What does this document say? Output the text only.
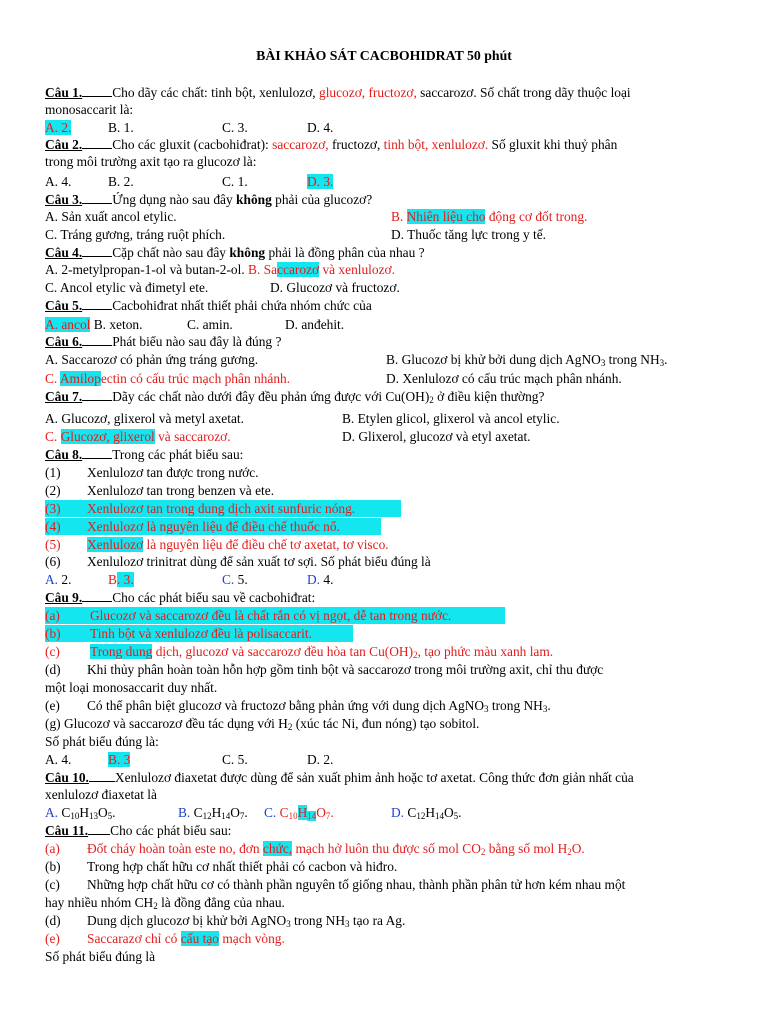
BÀI KHẢO SÁT CACBOHIDRAT 50 phút
Câu 1. Cho dãy các chất: tinh bột, xenlulozơ, glucozơ, fructozơ, saccarozơ. Số chất trong dãy thuộc loại
monosaccarit là:
A. 2.	B. 1.	C. 3.	D. 4.
Câu 2. Cho các gluxit (cacbohiđrat): saccarozơ, fructozơ, tinh bột, xenlulozơ. Số gluxit khi thuỷ phân
trong môi trường axit tạo ra glucozơ là:
A. 4.	B. 2.	C. 1.	D. 3.
Câu 3. Ứng dụng nào sau đây không phải của glucozơ?
A. Sản xuất ancol etylic.	B. Nhiên liệu cho động cơ đốt trong.
C. Tráng gương, tráng ruột phích.	D. Thuốc tăng lực trong y tế.
Câu 4. Cặp chất nào sau đây không phải là đồng phân của nhau ?
A. 2-metylpropan-1-ol và butan-2-ol. B. Saccarozơ và xenlulozơ.
C. Ancol etylic và đimetyl ete.	D. Glucozơ và fructozơ.
Câu 5. Cacbohiđrat nhất thiết phải chứa nhóm chức của
A. ancol B. xeton.	C. amin.	D. anđehit.
Câu 6. Phát biểu nào sau đây là đúng ?
A. Saccarozơ có phản ứng tráng gương.	B. Glucozơ bị khử bởi dung dịch AgNO$_3$ trong $NH_3$.
C. Amilopectin có cấu trúc mạch phân nhánh.	D. Xenlulozơ có cấu trúc mạch phân nhánh.
Câu 7. Dãy các chất nào dưới đây đều phản ứng được với $Cu(OH)_2$ ở điều kiện thường?
A. Glucozơ, glixerol và metyl axetat.	B. Etylen glicol, glixerol và ancol etylic.
C. Glucozơ, glixerol và saccarozơ.	D. Glixerol, glucozơ và etyl axetat.
Câu 8. Trong các phát biểu sau:
(1) Xenlulozơ tan được trong nước.
(2) Xenlulozơ tan trong benzen và ete.
(3) Xenlulozơ tan trong dung dịch axit sunfuric nóng.
(4) Xenlulozơ là nguyên liệu để điều chế thuốc nổ.
(5) Xenlulozơ là nguyên liệu để điều chế tơ axetat, tơ visco.
(6) Xenlulozơ trinitrat dùng để sản xuất tơ sợi. Số phát biểu đúng là
A. 2.	B. 3.	C. 5.	D. 4.
Câu 9. Cho các phát biểu sau về cacbohiđrat:
(a) Glucozơ và saccarozơ đều là chất rắn có vị ngọt, dễ tan trong nước.
(b) Tinh bột và xenlulozơ đều là polisaccarit.
(c) Trong dung dịch, glucozơ và saccarozơ đều hòa $\tan Cu(OH)_2$, tạo phức màu xanh lam.
(d) Khi thủy phân hoàn toàn hỗn hợp gồm tinh bột và saccarozơ trong môi trường axit, chỉ thu được
một loại monosaccarit duy nhất.
(e) Có thể phân biệt glucozơ và fructozơ bằng phản ứng với dung dịch AgNO$_3$ trong $NH_3$.
(g) Glucozơ và saccarozơ đều tác dụng với $H_2$ (xúc tác Ni, đun nóng) tạo sobitol.
Số phát biểu đúng là:
A. 4.	B. 3	C. 5.	D. 2.
Câu 10. Xenlulozơ điaxetat được dùng để sản xuất phim ảnh hoặc tơ axetat. Công thức đơn giản nhất của
xenlulozơ điaxetat là
A. $C_{10}H_{13}O_5$.	B. $C_{12}H_{14}O_7$. C. $C_{10}H_{14}O_7$.	D. $C_{12}H_{14}O_5$.
Câu 11. Cho các phát biểu sau:
(a) Đốt cháy hoàn toàn este no, đơn chức, mạch hở luôn thu được số mol $CO_2$ bằng số mol $H_2O$.
(b) Trong hợp chất hữu cơ nhất thiết phải có cacbon và hiđro.
(c) Những hợp chất hữu cơ có thành phần nguyên tố giống nhau, thành phần phân tử hơn kém nhau một
hay nhiều nhóm $CH_2$ là đồng đẳng của nhau.
(d) Dung dịch glucozơ bị khử bởi AgNO$_3$ trong $NH_3$ tạo ra Ag.
(e) Saccarazơ chỉ có cấu tạo mạch vòng.
Số phát biểu đúng là
